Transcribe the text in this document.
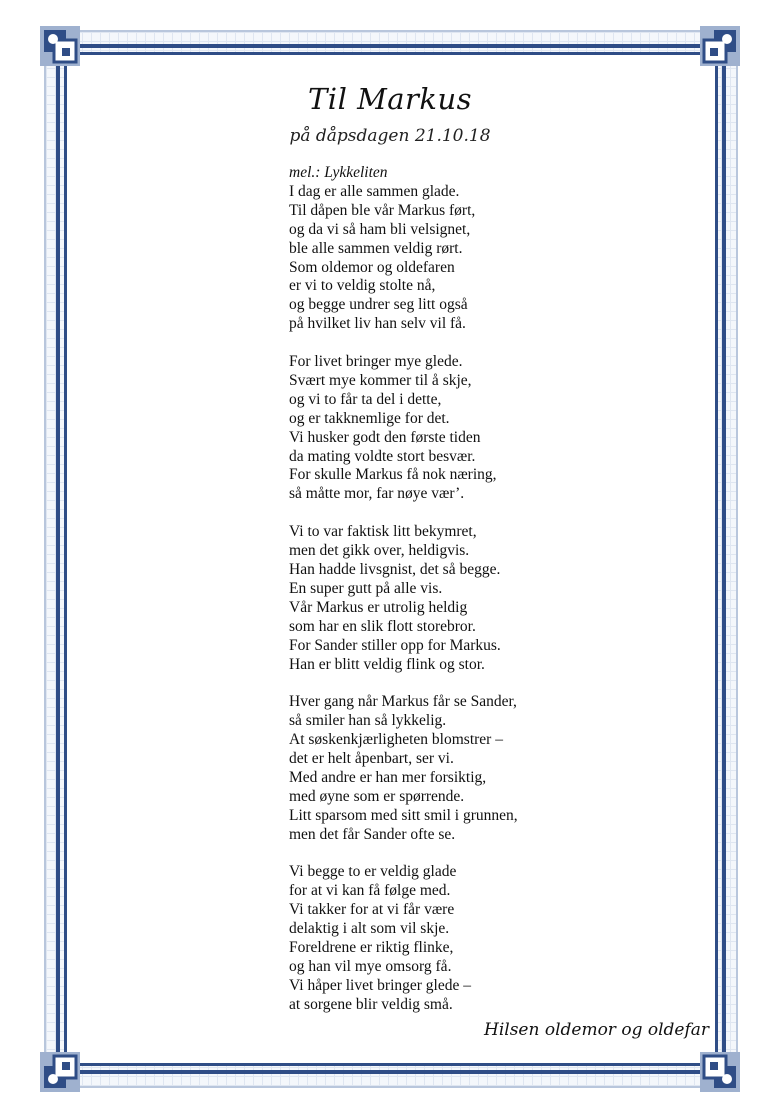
Til Markus
på dåpsdagen 21.10.18
mel.: Lykkeliten
I dag er alle sammen glade.
Til dåpen ble vår Markus ført,
og da vi så ham bli velsignet,
ble alle sammen veldig rørt.
Som oldemor og oldefaren
er vi to veldig stolte nå,
og begge undrer seg litt også
på hvilket liv han selv vil få.
For livet bringer mye glede.
Svært mye kommer til å skje,
og vi to får ta del i dette,
og er takknemlige for det.
Vi husker godt den første tiden
da mating voldte stort besvær.
For skulle Markus få nok næring,
så måtte mor, far nøye vær’.
Vi to var faktisk litt bekymret,
men det gikk over, heldigvis.
Han hadde livsgnist, det så begge.
En super gutt på alle vis.
Vår Markus er utrolig heldig
som har en slik flott storebror.
For Sander stiller opp for Markus.
Han er blitt veldig flink og stor.
Hver gang når Markus får se Sander,
så smiler han så lykkelig.
At søskenkjærligheten blomstrer –
det er helt åpenbart, ser vi.
Med andre er han mer forsiktig,
med øyne som er spørrende.
Litt sparsom med sitt smil i grunnen,
men det får Sander ofte se.
Vi begge to er veldig glade
for at vi kan få følge med.
Vi takker for at vi får være
delaktig i alt som vil skje.
Foreldrene er riktig flinke,
og han vil mye omsorg få.
Vi håper livet bringer glede –
at sorgene blir veldig små.
Hilsen oldemor og oldefar
